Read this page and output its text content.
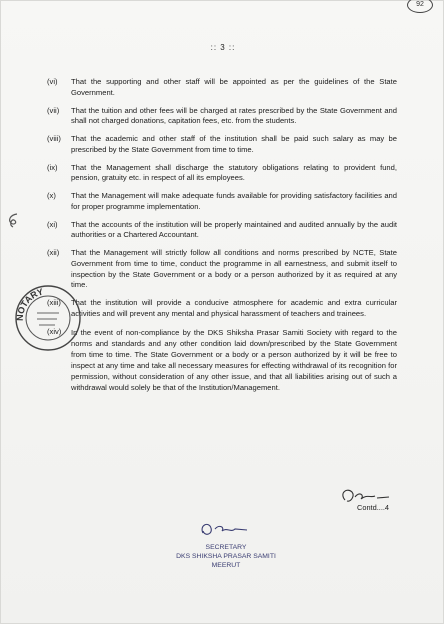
92
:: 3 ::
(vi)	That the supporting and other staff will be appointed as per the guidelines of the State Government.
(vii)	That the tuition and other fees will be charged at rates prescribed by the State Government and shall not charged donations, capitation fees, etc. from the students.
(viii)	That the academic and other staff of the institution shall be paid such salary as may be prescribed by the State Government from time to time.
(ix)	That the Management shall discharge the statutory obligations relating to provident fund, pension, gratuity etc. in respect of all its employees.
(x)	That the Management will make adequate funds available for providing satisfactory facilities and for proper programme implementation.
(xi)	That the accounts of the institution will be properly maintained and audited annually by the audit authorities or a Chartered Accountant.
(xii)	That the Management will strictly follow all conditions and norms prescribed by NCTE, State Government from time to time, conduct the programme in all earnestness, and submit itself to inspection by the State Government or a body or a person authorized by it as required at any time.
(xiii)	That the institution will provide a conducive atmosphere for academic and extra curricular activities and will prevent any mental and physical harassment of teachers and trainees.
(xiv)	In the event of non-compliance by the DKS Shiksha Prasar Samiti Society with regard to the norms and standards and any other condition laid down/prescribed by the State Government from time to time. The State Government or a body or a person authorized by it will be free to inspect at any time and take all necessary measures for effecting withdrawal of its recognition for permission, without consideration of any other issue, and that all liabilities arising out of such a withdrawal would solely be that of the Institution/Management.
NOTARY
Contd....4
SECRETARY
DKS SHIKSHA PRASAR SAMITI
MEERUT
